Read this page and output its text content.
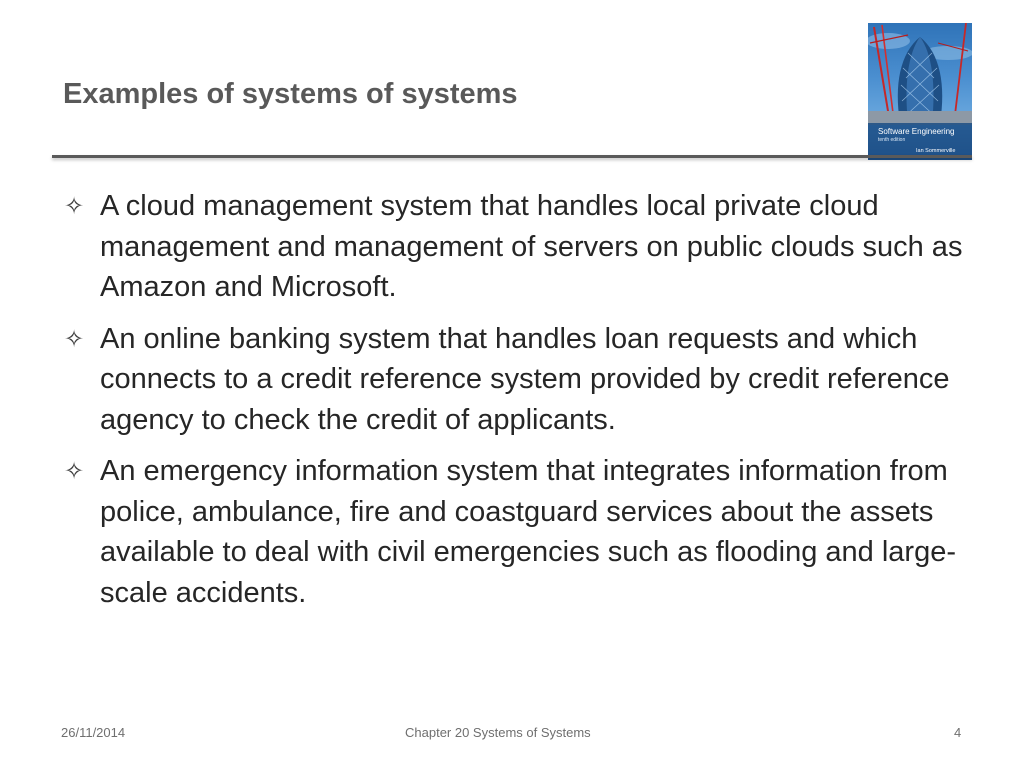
Examples of systems of systems
Software Engineering
tenth edition
Ian Sommerville
✧ A cloud management system that handles local private cloud management and management of servers on public clouds such as Amazon and Microsoft.
✧ An online banking system that handles loan requests and which connects to a credit reference system provided by credit reference agency to check the credit of applicants.
✧ An emergency information system that integrates information from police, ambulance, fire and coastguard services about the assets available to deal with civil emergencies such as flooding and large-scale accidents.
26/11/2014	Chapter 20 Systems of Systems	4
